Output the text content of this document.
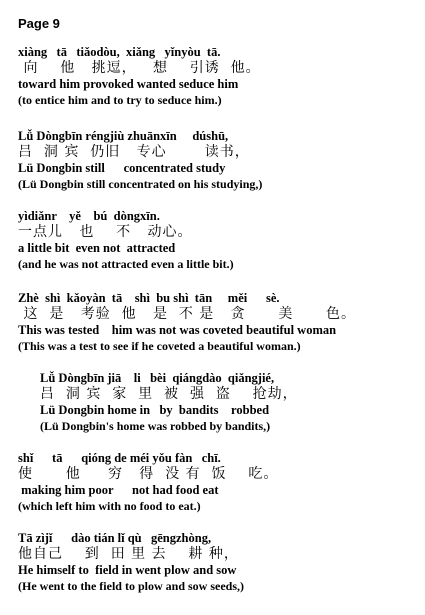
Page 9
xiàng   tā   tiǎodòu,  xiǎng   yǐnyòu  tā.
向    他   挑逗，   想    引诱  他。
toward him provoked wanted seduce him
(to entice him and to try to seduce him.)
Lǚ Dòngbīn réngjiù zhuānxīn     dúshū,
吕  洞 宾  仍旧   专心       读书，
Lü Dongbin still      concentrated study
(Lü Dongbin still concentrated on his studying,)
yìdiǎnr    yě    bú  dòngxīn.
一点儿   也    不   动心。
a little bit  even not  attracted
(and he was not attracted even a little bit.)
Zhè  shì  kǎoyàn  tā    shì  bu shì  tān     měi      sè.
这  是   考验  他   是  不 是   贪      美      色。
This was tested    him was not was coveted beautiful woman
(This was a test to see if he coveted a beautiful woman.)
Lǚ Dòngbīn jiā    li   bèi  qiángdào  qiǎngjié,
吕  洞 宾  家  里  被  强  盗    抢劫，
Lü Dongbin home in   by  bandits    robbed
(Lü Dongbin's home was robbed by bandits,)
shǐ      tā      qióng de méi yǒu fàn   chī.
使      他     穷   得  没 有  饭    吃。
making him poor      not had food eat
(which left him with no food to eat.)
Tā zìjǐ      dào tián lǐ qù   gēngzhòng,
他自己    到  田 里 去    耕 种，
He himself to  field in went plow and sow
(He went to the field to plow and sow seeds,)
